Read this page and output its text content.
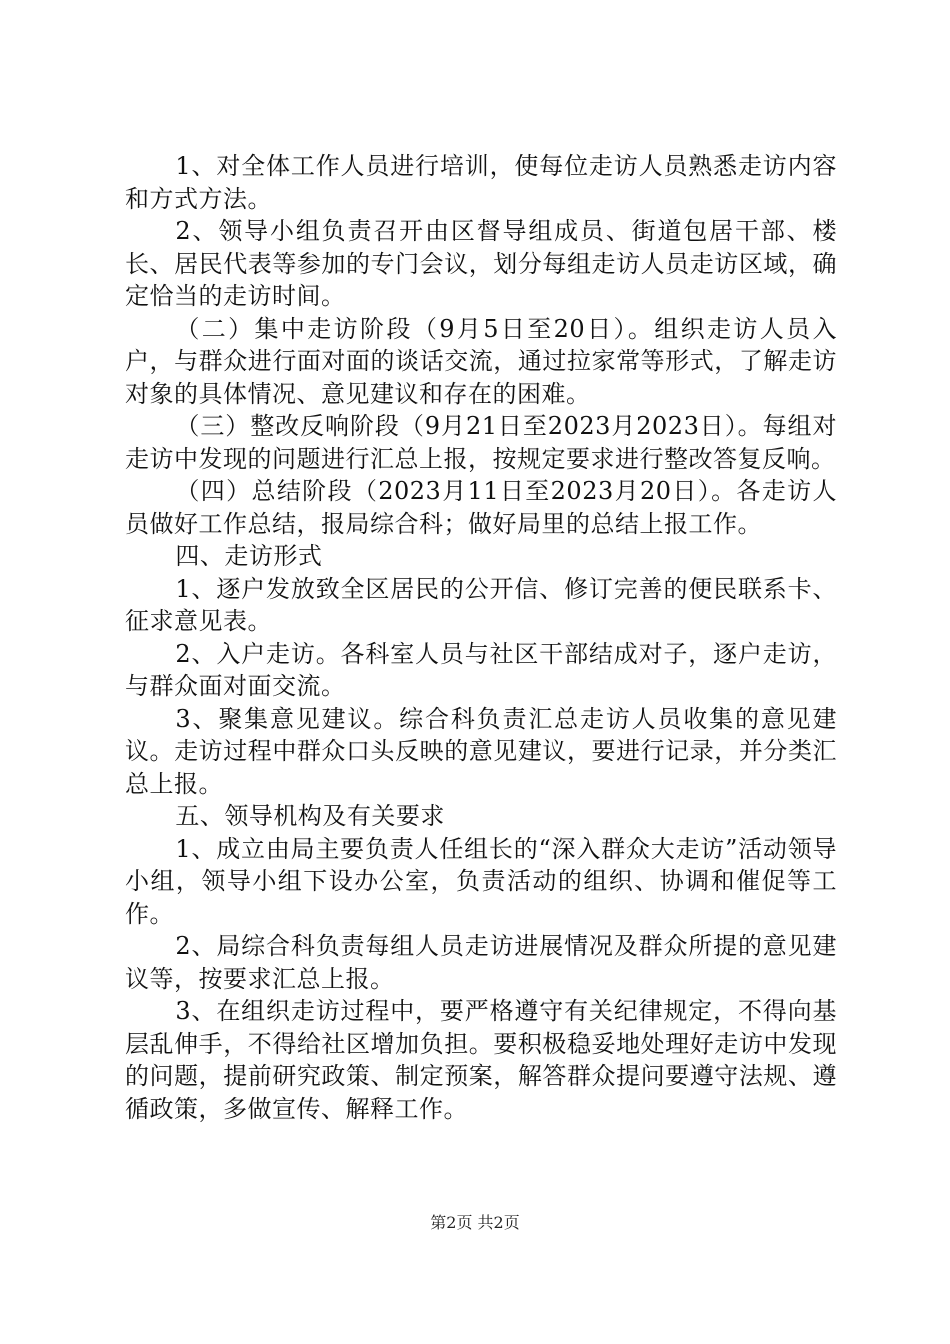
1、对全体工作人员进行培训，使每位走访人员熟悉走访内容和方式方法。

2、领导小组负责召开由区督导组成员、街道包居干部、楼长、居民代表等参加的专门会议，划分每组走访人员走访区域，确定恰当的走访时间。

（二）集中走访阶段（9月5日至20日）。组织走访人员入户，与群众进行面对面的谈话交流，通过拉家常等形式，了解走访对象的具体情况、意见建议和存在的困难。

（三）整改反响阶段（9月21日至2023月2023日）。每组对走访中发现的问题进行汇总上报，按规定要求进行整改答复反响。

（四）总结阶段（2023月11日至2023月20日）。各走访人员做好工作总结，报局综合科；做好局里的总结上报工作。

四、走访形式

1、逐户发放致全区居民的公开信、修订完善的便民联系卡、征求意见表。

2、入户走访。各科室人员与社区干部结成对子，逐户走访，与群众面对面交流。

3、聚集意见建议。综合科负责汇总走访人员收集的意见建议。走访过程中群众口头反映的意见建议，要进行记录，并分类汇总上报。

五、领导机构及有关要求

1、成立由局主要负责人任组长的“深入群众大走访”活动领导小组，领导小组下设办公室，负责活动的组织、协调和催促等工作。

2、局综合科负责每组人员走访进展情况及群众所提的意见建议等，按要求汇总上报。

3、在组织走访过程中，要严格遵守有关纪律规定，不得向基层乱伸手，不得给社区增加负担。要积极稳妥地处理好走访中发现的问题，提前研究政策、制定预案，解答群众提问要遵守法规、遵循政策，多做宣传、解释工作。

第2页 共2页
